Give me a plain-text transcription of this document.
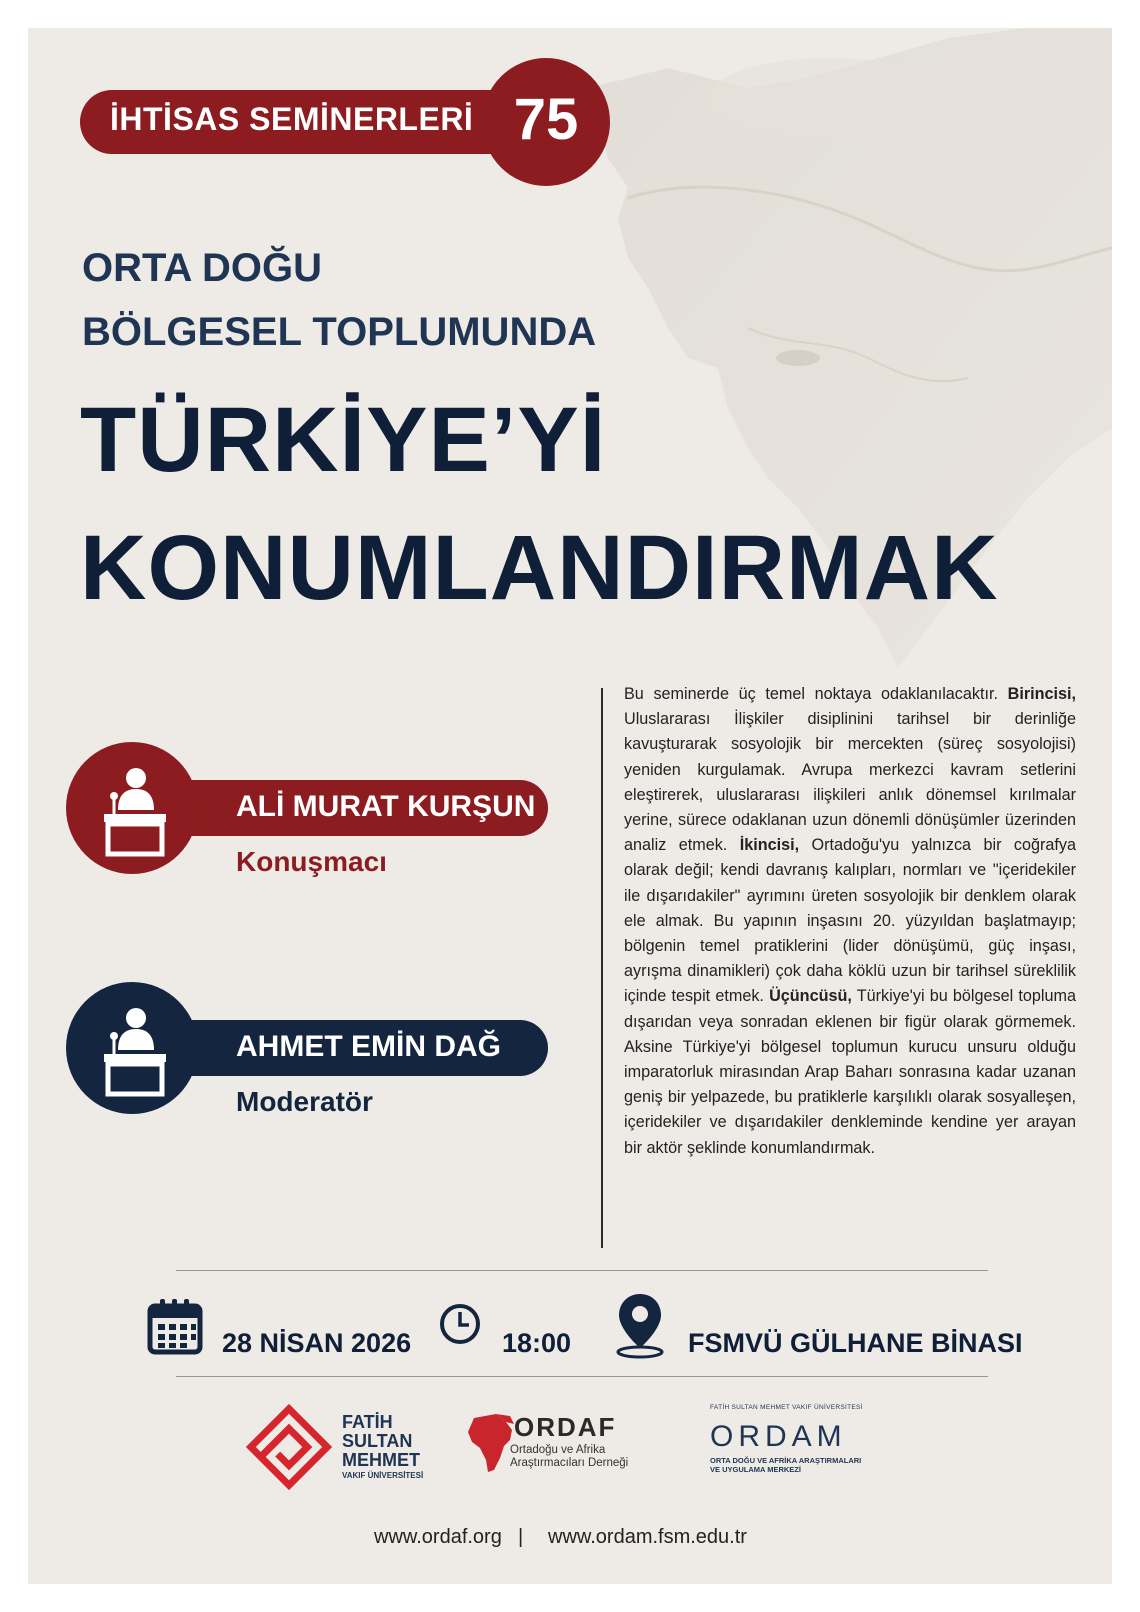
İHTİSAS SEMİNERLERİ 75
ORTA DOĞU
BÖLGESEL TOPLUMUNDA
TÜRKİYE’Yİ
KONUMLANDIRMAK
ALİ MURAT KURŞUN
Konuşmacı
AHMET EMİN DAĞ
Moderatör
Bu seminerde üç temel noktaya odaklanılacaktır. Birincisi, Uluslararası İlişkiler disiplinini tarihsel bir derinliğe kavuşturarak sosyolojik bir mercekten (süreç sosyolojisi) yeniden kurgulamak. Avrupa merkezci kavram setlerini eleştirerek, uluslararası ilişkileri anlık dönemsel kırılmalar yerine, sürece odaklanan uzun dönemli dönüşümler üzerinden analiz etmek. İkincisi, Ortadoğu'yu yalnızca bir coğrafya olarak değil; kendi davranış kalıpları, normları ve "içeridekiler ile dışarıdakiler" ayrımını üreten sosyolojik bir denklem olarak ele almak. Bu yapının inşasını 20. yüzyıldan başlatmayıp; bölgenin temel pratiklerini (lider dönüşümü, güç inşası, ayrışma dinamikleri) çok daha köklü uzun bir tarihsel süreklilik içinde tespit etmek. Üçüncüsü, Türkiye'yi bu bölgesel topluma dışarıdan veya sonradan eklenen bir figür olarak görmemek. Aksine Türkiye'yi bölgesel toplumun kurucu unsuru olduğu imparatorluk mirasından Arap Baharı sonrasına kadar uzanan geniş bir yelpazede, bu pratiklerle karşılıklı olarak sosyalleşen, içeridekiler ve dışarıdakiler denkleminde kendine yer arayan bir aktör şeklinde konumlandırmak.
28 NİSAN 2026	18:00	FSMVÜ GÜLHANE BİNASI
FATİH
SULTAN
MEHMET
VAKIF ÜNİVERSİTESİ
ORDAF
Ortadoğu ve Afrika
Araştırmacıları Derneği
FATİH SULTAN MEHMET VAKIF ÜNİVERSİTESİ
ORDAM
ORTA DOĞU VE AFRİKA ARAŞTIRMALARI
VE UYGULAMA MERKEZİ
www.ordaf.org | www.ordam.fsm.edu.tr
